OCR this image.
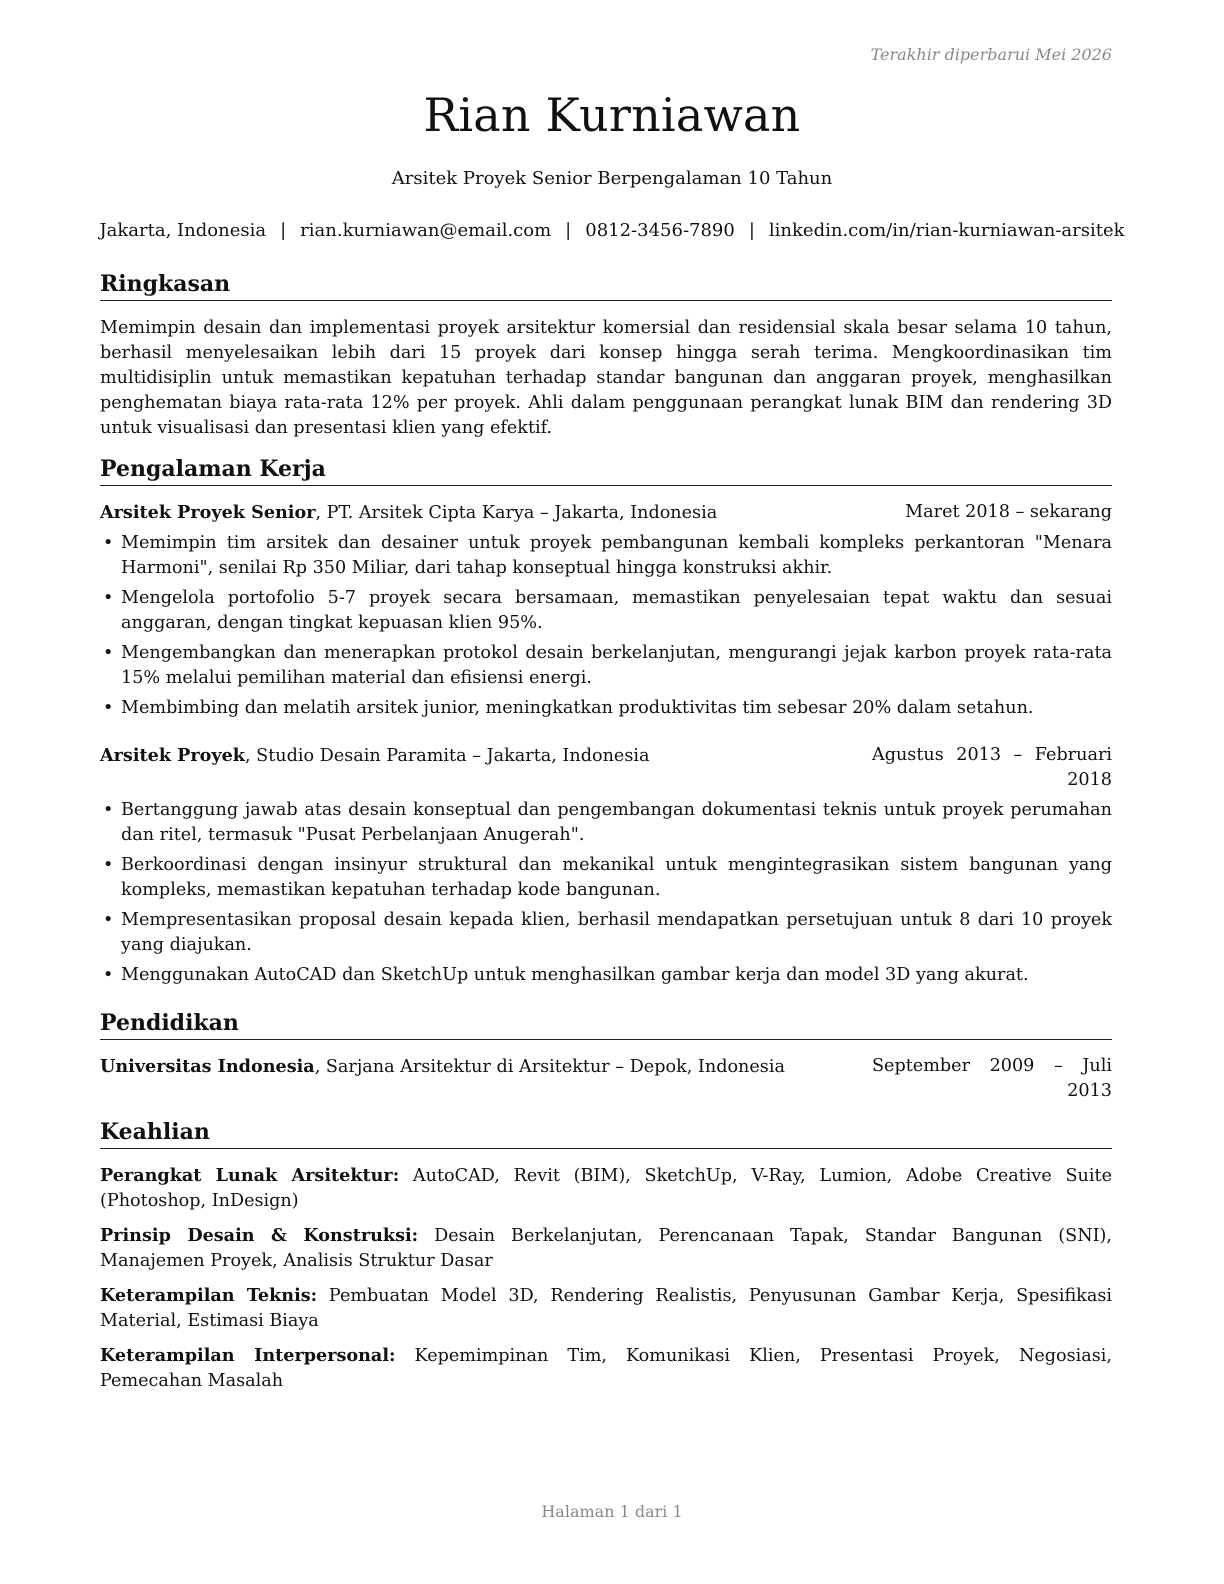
Terakhir diperbarui Mei 2026
Rian Kurniawan
Arsitek Proyek Senior Berpengalaman 10 Tahun
Jakarta, Indonesia | rian.kurniawan@email.com | 0812-3456-7890 | linkedin.com/in/rian-kurniawan-arsitek
Ringkasan

Memimpin desain dan implementasi proyek arsitektur komersial dan residensial skala besar selama 10 tahun, berhasil menyelesaikan lebih dari 15 proyek dari konsep hingga serah terima. Mengkoordinasikan tim multidisiplin untuk memastikan kepatuhan terhadap standar bangunan dan anggaran proyek, menghasilkan penghematan biaya rata-rata 12% per proyek. Ahli dalam penggunaan perangkat lunak BIM dan rendering 3D untuk visualisasi dan presentasi klien yang efektif.

Pengalaman Kerja
Arsitek Proyek Senior, PT. Arsitek Cipta Karya – Jakarta, Indonesia	Maret 2018 – sekarang
• Memimpin tim arsitek dan desainer untuk proyek pembangunan kembali kompleks perkantoran "Menara Harmoni", senilai Rp 350 Miliar, dari tahap konseptual hingga konstruksi akhir.
• Mengelola portofolio 5-7 proyek secara bersamaan, memastikan penyelesaian tepat waktu dan sesuai anggaran, dengan tingkat kepuasan klien 95%.
• Mengembangkan dan menerapkan protokol desain berkelanjutan, mengurangi jejak karbon proyek rata-rata 15% melalui pemilihan material dan efisiensi energi.
• Membimbing dan melatih arsitek junior, meningkatkan produktivitas tim sebesar 20% dalam setahun.
Arsitek Proyek, Studio Desain Paramita – Jakarta, Indonesia	Agustus 2013 – Februari 2018
• Bertanggung jawab atas desain konseptual dan pengembangan dokumentasi teknis untuk proyek perumahan dan ritel, termasuk "Pusat Perbelanjaan Anugerah".
• Berkoordinasi dengan insinyur struktural dan mekanikal untuk mengintegrasikan sistem bangunan yang kompleks, memastikan kepatuhan terhadap kode bangunan.
• Mempresentasikan proposal desain kepada klien, berhasil mendapatkan persetujuan untuk 8 dari 10 proyek yang diajukan.
• Menggunakan AutoCAD dan SketchUp untuk menghasilkan gambar kerja dan model 3D yang akurat.
Pendidikan
Universitas Indonesia, Sarjana Arsitektur di Arsitektur – Depok, Indonesia	September 2009 – Juli 2013
Keahlian

Perangkat Lunak Arsitektur: AutoCAD, Revit (BIM), SketchUp, V-Ray, Lumion, Adobe Creative Suite (Photoshop, InDesign)

Prinsip Desain & Konstruksi: Desain Berkelanjutan, Perencanaan Tapak, Standar Bangunan (SNI), Manajemen Proyek, Analisis Struktur Dasar

Keterampilan Teknis: Pembuatan Model 3D, Rendering Realistis, Penyusunan Gambar Kerja, Spesifikasi Material, Estimasi Biaya

Keterampilan Interpersonal: Kepemimpinan Tim, Komunikasi Klien, Presentasi Proyek, Negosiasi, Pemecahan Masalah

Halaman 1 dari 1
